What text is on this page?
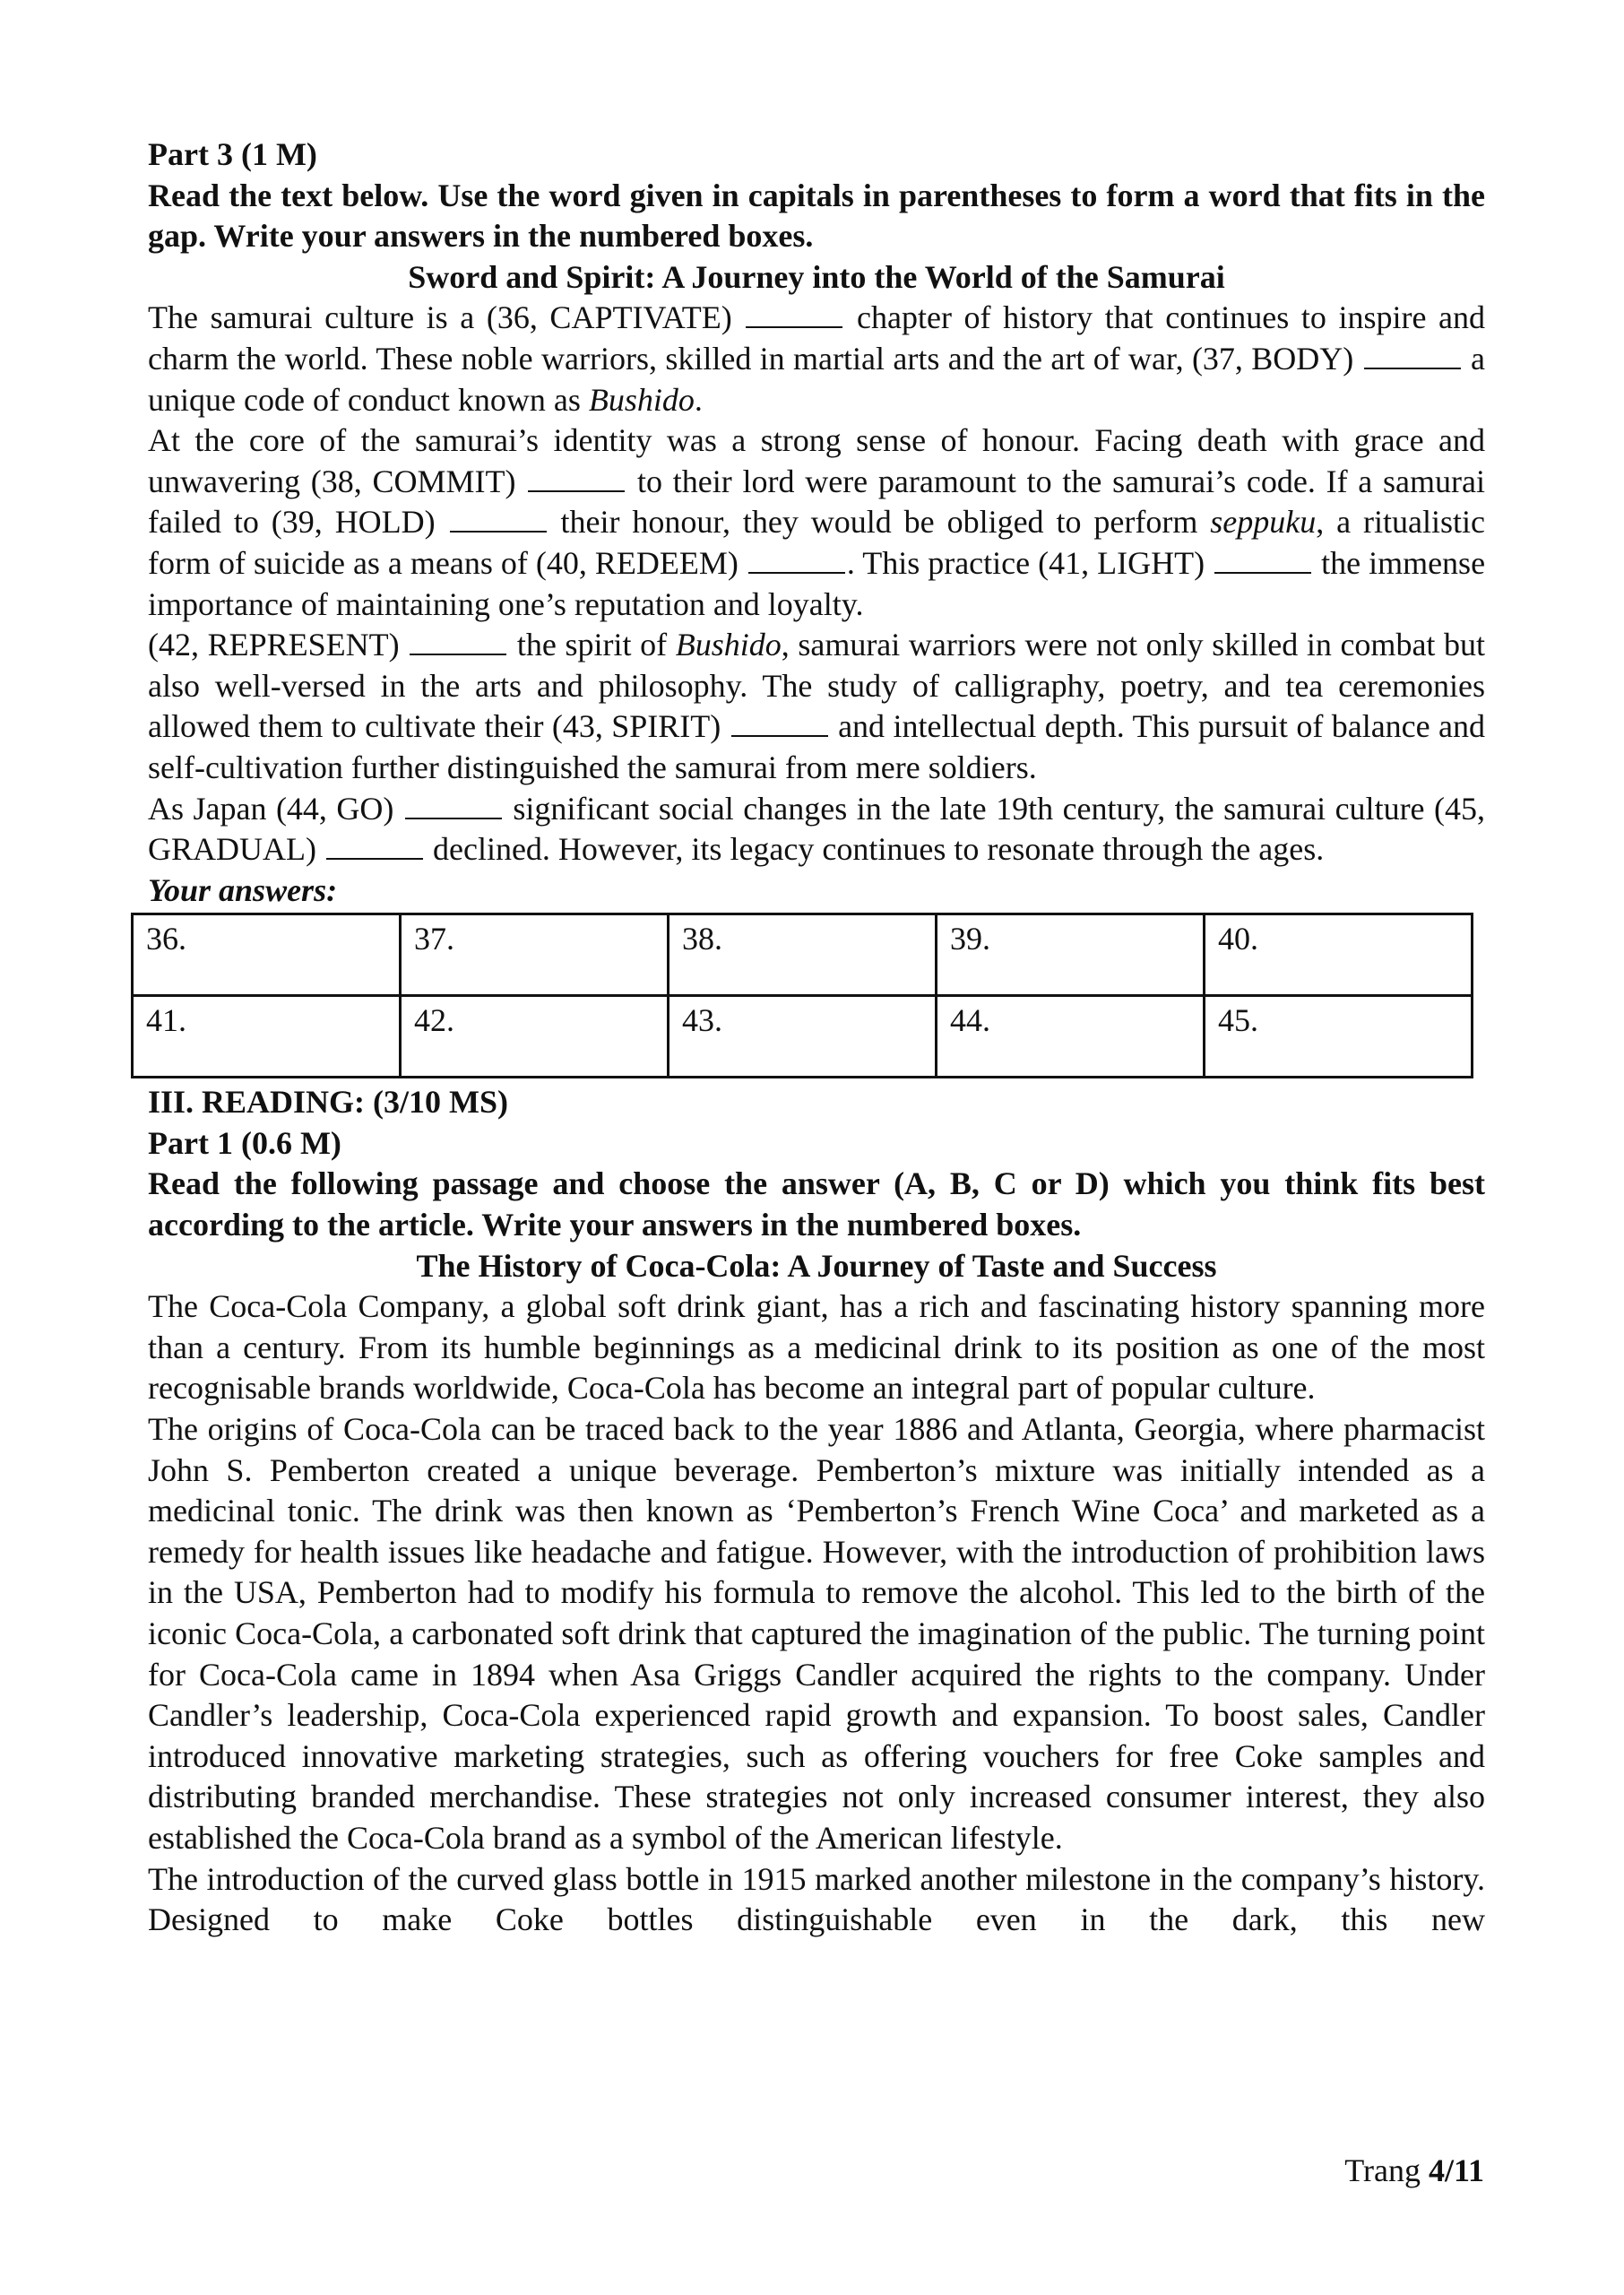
Part 3 (1 M)

Read the text below. Use the word given in capitals in parentheses to form a word that fits in the gap. Write your answers in the numbered boxes.

Sword and Spirit: A Journey into the World of the Samurai

The samurai culture is a (36, CAPTIVATE)	chapter of history that continues to inspire and charm the world. These noble warriors, skilled in martial arts and the art of war, (37, BODY)	a unique code of conduct known as Bushido.

At the core of the samurai’s identity was a strong sense of honour. Facing death with grace and unwavering (38, COMMIT)	to their lord were paramount to the samurai’s code. If a samurai failed to (39, HOLD)	their honour, they would be obliged to perform seppuku, a ritualistic form of suicide as a means of (40, REDEEM)	. This practice (41, LIGHT)	the immense importance of maintaining one’s reputation and loyalty.

(42, REPRESENT)	the spirit of Bushido, samurai warriors were not only skilled in combat but also well-versed in the arts and philosophy. The study of calligraphy, poetry, and tea ceremonies allowed them to cultivate their (43, SPIRIT)	and intellectual depth. This pursuit of balance and self-cultivation further distinguished the samurai from mere soldiers.

As Japan (44, GO)	significant social changes in the late 19th century, the samurai culture (45, GRADUAL)	declined. However, its legacy continues to resonate through the ages.

Your answers:

36.	37.	38.	39.	40.
41.	42.	43.	44.	45.

III. READING: (3/10 MS)

Part 1 (0.6 M)

Read the following passage and choose the answer (A, B, C or D) which you think fits best according to the article. Write your answers in the numbered boxes.

The History of Coca-Cola: A Journey of Taste and Success

The Coca-Cola Company, a global soft drink giant, has a rich and fascinating history spanning more than a century. From its humble beginnings as a medicinal drink to its position as one of the most recognisable brands worldwide, Coca-Cola has become an integral part of popular culture.

The origins of Coca-Cola can be traced back to the year 1886 and Atlanta, Georgia, where pharmacist John S. Pemberton created a unique beverage. Pemberton’s mixture was initially intended as a medicinal tonic. The drink was then known as ‘Pemberton’s French Wine Coca’ and marketed as a remedy for health issues like headache and fatigue. However, with the introduction of prohibition laws in the USA, Pemberton had to modify his formula to remove the alcohol. This led to the birth of the iconic Coca-Cola, a carbonated soft drink that captured the imagination of the public. The turning point for Coca-Cola came in 1894 when Asa Griggs Candler acquired the rights to the company. Under Candler’s leadership, Coca-Cola experienced rapid growth and expansion. To boost sales, Candler introduced innovative marketing strategies, such as offering vouchers for free Coke samples and distributing branded merchandise. These strategies not only increased consumer interest, they also established the Coca-Cola brand as a symbol of the American lifestyle.

The introduction of the curved glass bottle in 1915 marked another milestone in the company’s history. Designed to make Coke bottles distinguishable even in the dark, this new

Trang 4/11
